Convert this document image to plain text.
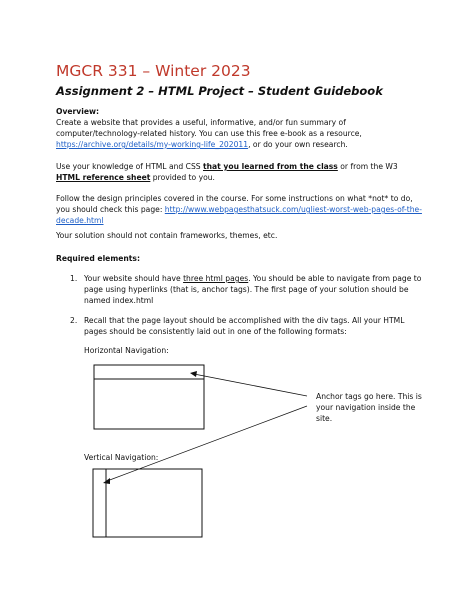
MGCR 331 – Winter 2023
Assignment 2 – HTML Project – Student Guidebook
Overview:
Create a website that provides a useful, informative, and/or fun summary of computer/technology-related history. You can use this free e-book as a resource, https://archive.org/details/my-working-life_202011, or do your own research.
Use your knowledge of HTML and CSS that you learned from the class or from the W3 HTML reference sheet provided to you.
Follow the design principles covered in the course. For some instructions on what *not* to do, you should check this page: http://www.webpagesthatsuck.com/ugliest-worst-web-pages-of-the-decade.html
Your solution should not contain frameworks, themes, etc.
Required elements:
1. Your website should have three html pages. You should be able to navigate from page to page using hyperlinks (that is, anchor tags). The first page of your solution should be named index.html
2. Recall that the page layout should be accomplished with the div tags. All your HTML pages should be consistently laid out in one of the following formats:
Horizontal Navigation:
Anchor tags go here. This is your navigation inside the site.
Vertical Navigation:
